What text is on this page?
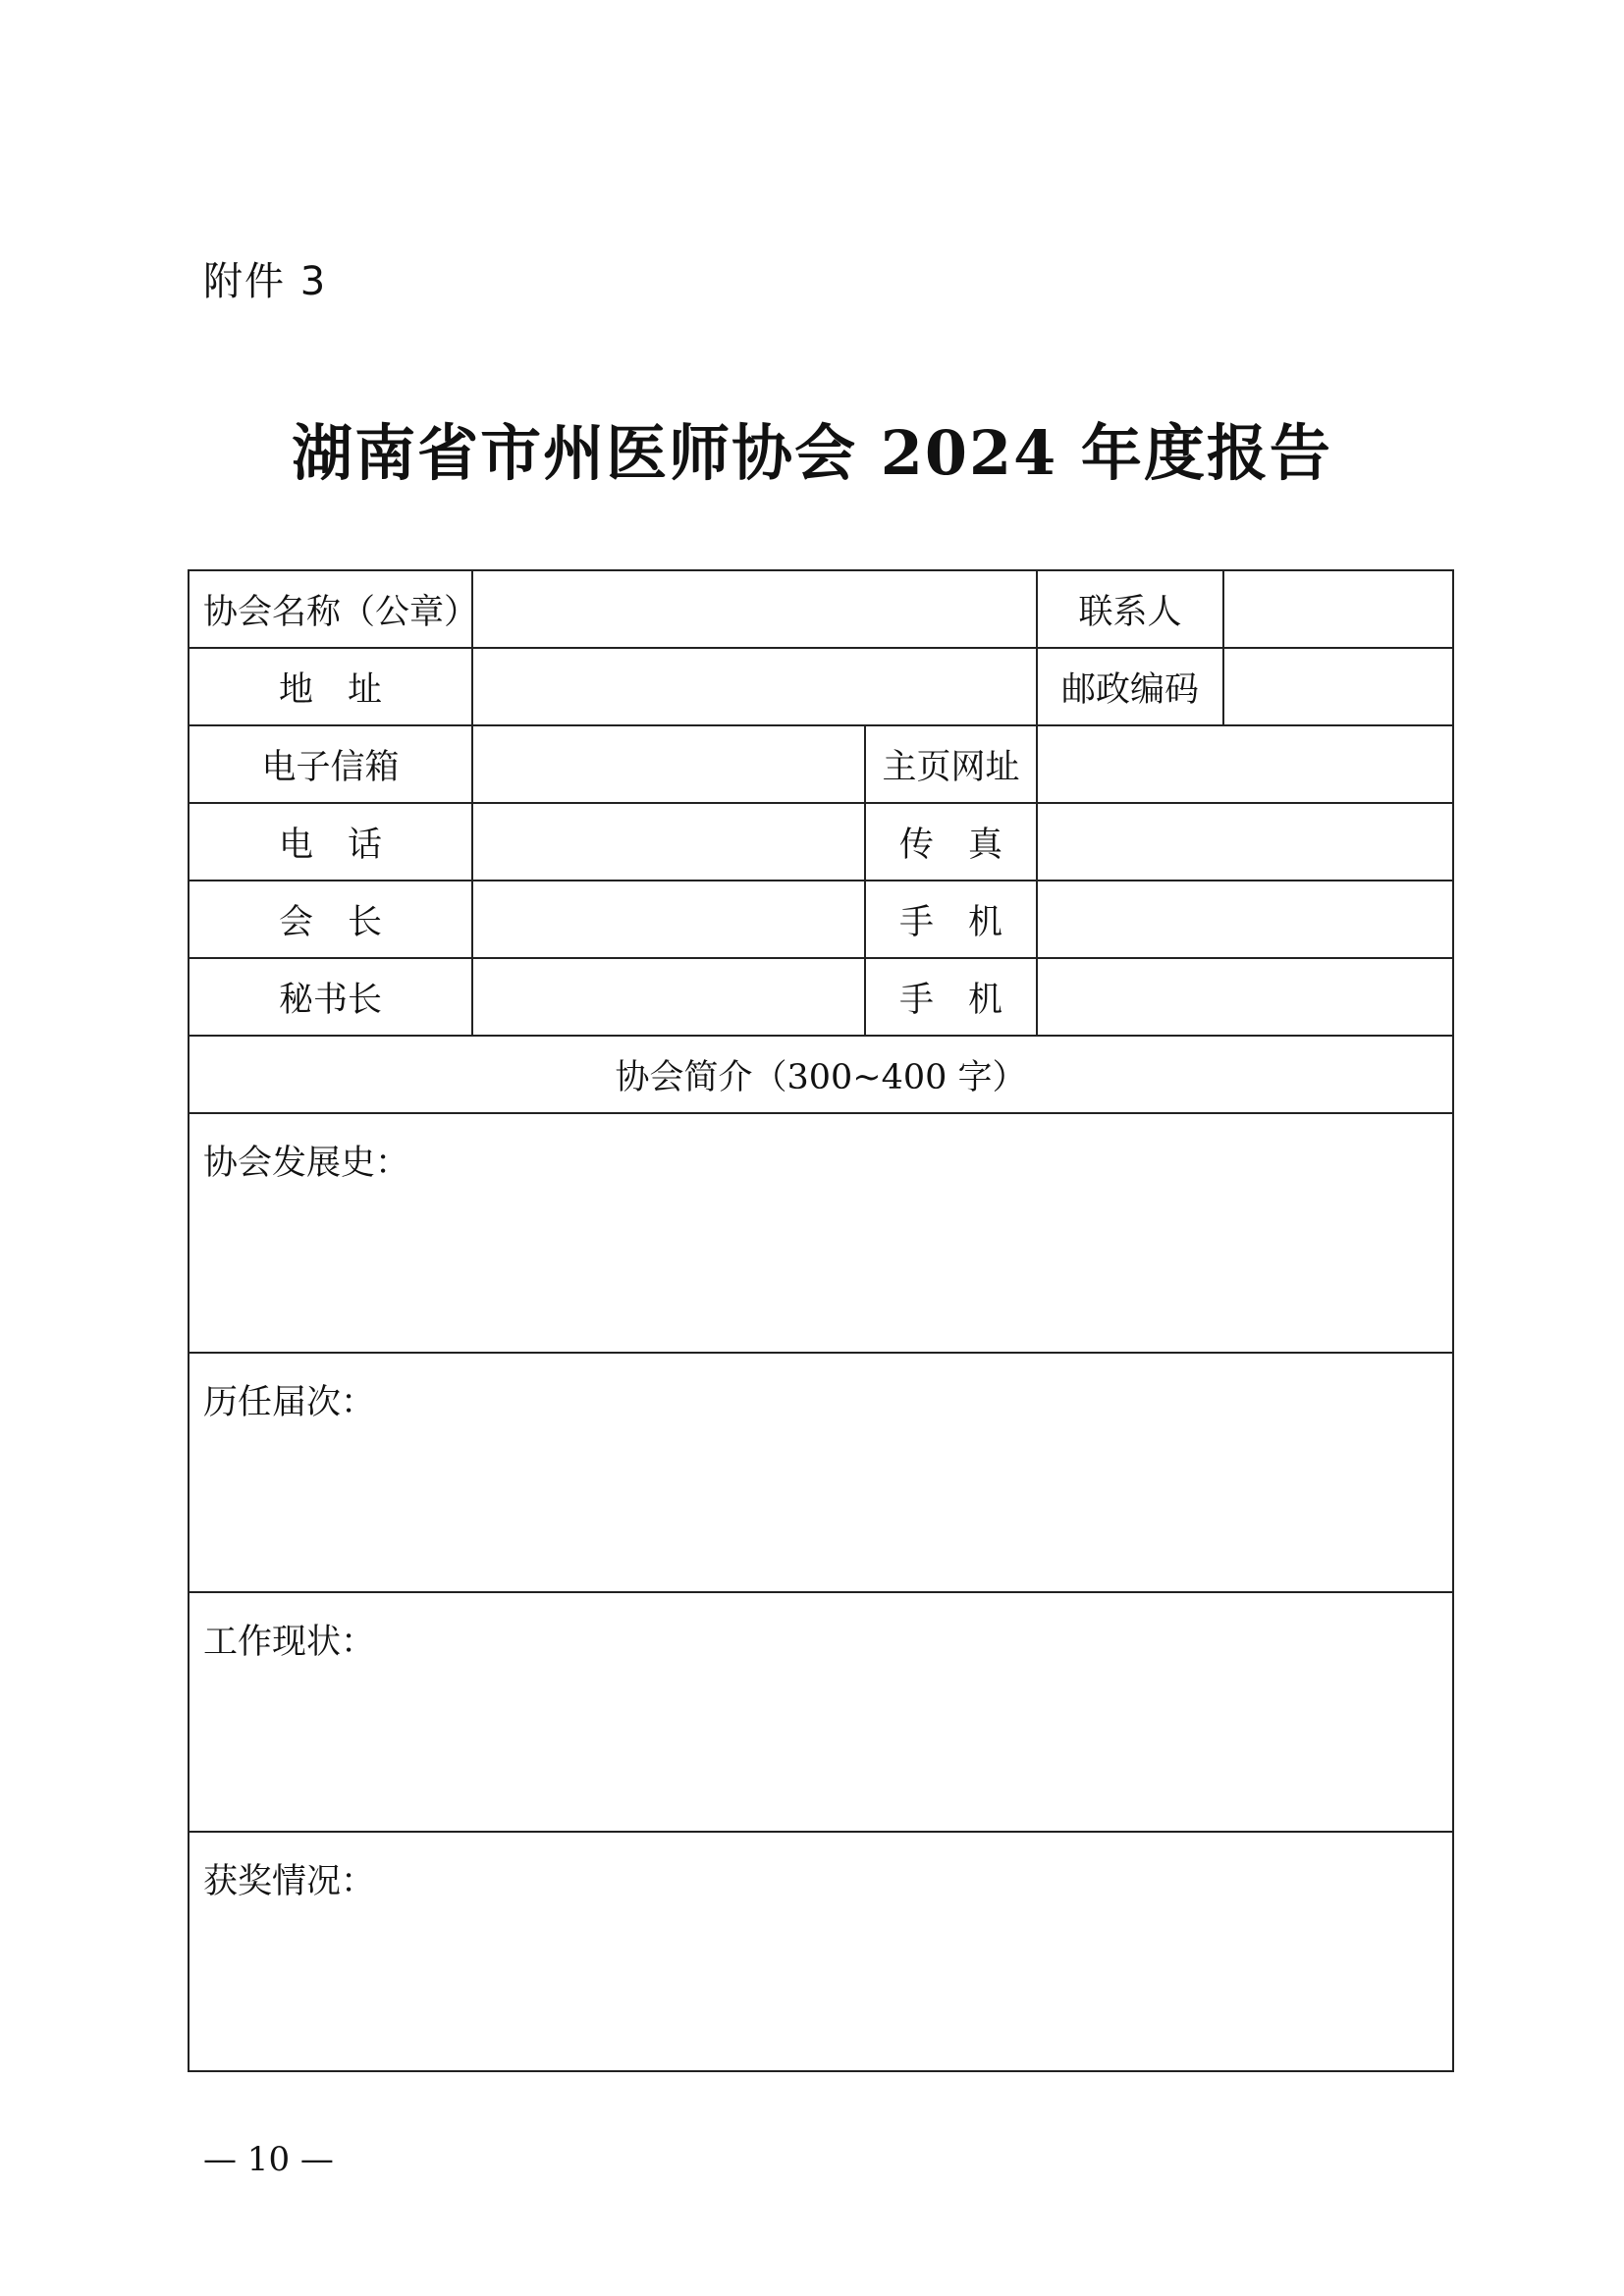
附件 3
湖南省市州医师协会 2024 年度报告
协会名称（公章）			联系人	
地　址			邮政编码	
电子信箱		主页网址		
电　话		传　真		
会　长		手　机		
秘书长		手　机		
协会简介（300~400 字）				
协会发展史：				
历任届次：				
工作现状：				
获奖情况：				
— 10 —
